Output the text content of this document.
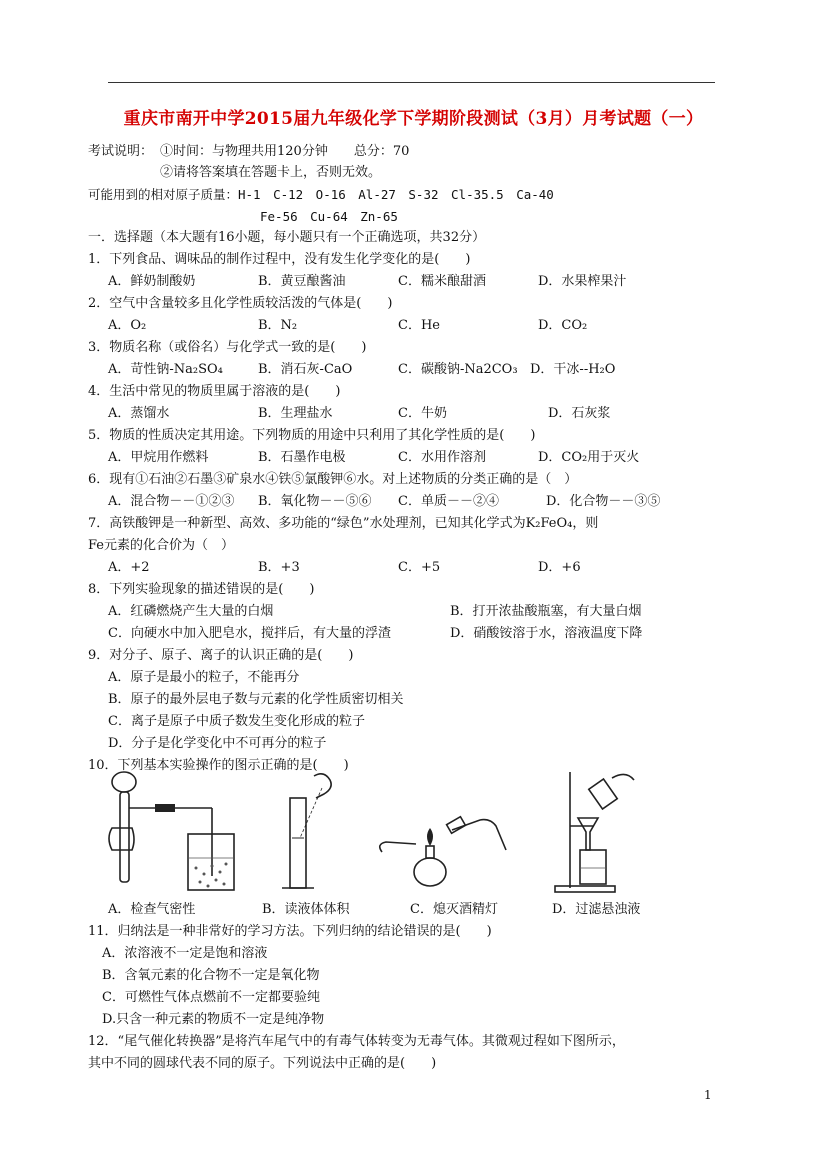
重庆市南开中学2015届九年级化学下学期阶段测试（3月）月考试题（一）
考试说明： ①时间：与物理共用120分钟　　总分：70
②请将答案填在答题卡上，否则无效。
可能用到的相对原子质量：H-1　C-12　O-16　Al-27　S-32　Cl-35.5　Ca-40
Fe-56　Cu-64　Zn-65
一．选择题（本大题有16小题，每小题只有一个正确选项，共32分）
1．下列食品、调味品的制作过程中，没有发生化学变化的是(　　)
A．鲜奶制酸奶	B．黄豆酿酱油	C．糯米酿甜酒	D．水果榨果汁
2．空气中含量较多且化学性质较活泼的气体是(　　)
A．O₂	B．N₂	C．He	D．CO₂
3．物质名称（或俗名）与化学式一致的是(　　)
A．苛性钠-Na₂SO₄	B．消石灰-CaO	C．碳酸钠-Na2CO₃ D．干冰--H₂O
4．生活中常见的物质里属于溶液的是(　　)
A．蒸馏水	B．生理盐水	C．牛奶	D．石灰浆
5．物质的性质决定其用途。下列物质的用途中只利用了其化学性质的是(　　)
A．甲烷用作燃料	B．石墨作电极	C．水用作溶剂	D．CO₂用于灭火
6．现有①石油②石墨③矿泉水④铁⑤氯酸钾⑥水。对上述物质的分类正确的是（　）
A．混合物－－①②③ B．氧化物－－⑤⑥ C．单质－－②④	D．化合物－－③⑤
7．高铁酸钾是一种新型、高效、多功能的“绿色”水处理剂，已知其化学式为K₂FeO₄，则
Fe元素的化合价为（　）
A．+2	B．+3	C．+5	D．+6
8．下列实验现象的描述错误的是(　　)
A．红磷燃烧产生大量的白烟	B．打开浓盐酸瓶塞，有大量白烟
C．向硬水中加入肥皂水，搅拌后，有大量的浮渣	D．硝酸铵溶于水，溶液温度下降
9．对分子、原子、离子的认识正确的是(　　)
A．原子是最小的粒子，不能再分
B．原子的最外层电子数与元素的化学性质密切相关
C．离子是原子中质子数发生变化形成的粒子
D．分子是化学变化中不可再分的粒子
10．下列基本实验操作的图示正确的是(　　)
A．检查气密性	B．读液体体积	C．熄灭酒精灯	D．过滤悬浊液
11．归纳法是一种非常好的学习方法。下列归纳的结论错误的是(　　)
A．浓溶液不一定是饱和溶液
B．含氧元素的化合物不一定是氧化物
C．可燃性气体点燃前不一定都要验纯
D.只含一种元素的物质不一定是纯净物
12．“尾气催化转换器”是将汽车尾气中的有毒气体转变为无毒气体。其微观过程如下图所示，
其中不同的圆球代表不同的原子。下列说法中正确的是(　　)
1
